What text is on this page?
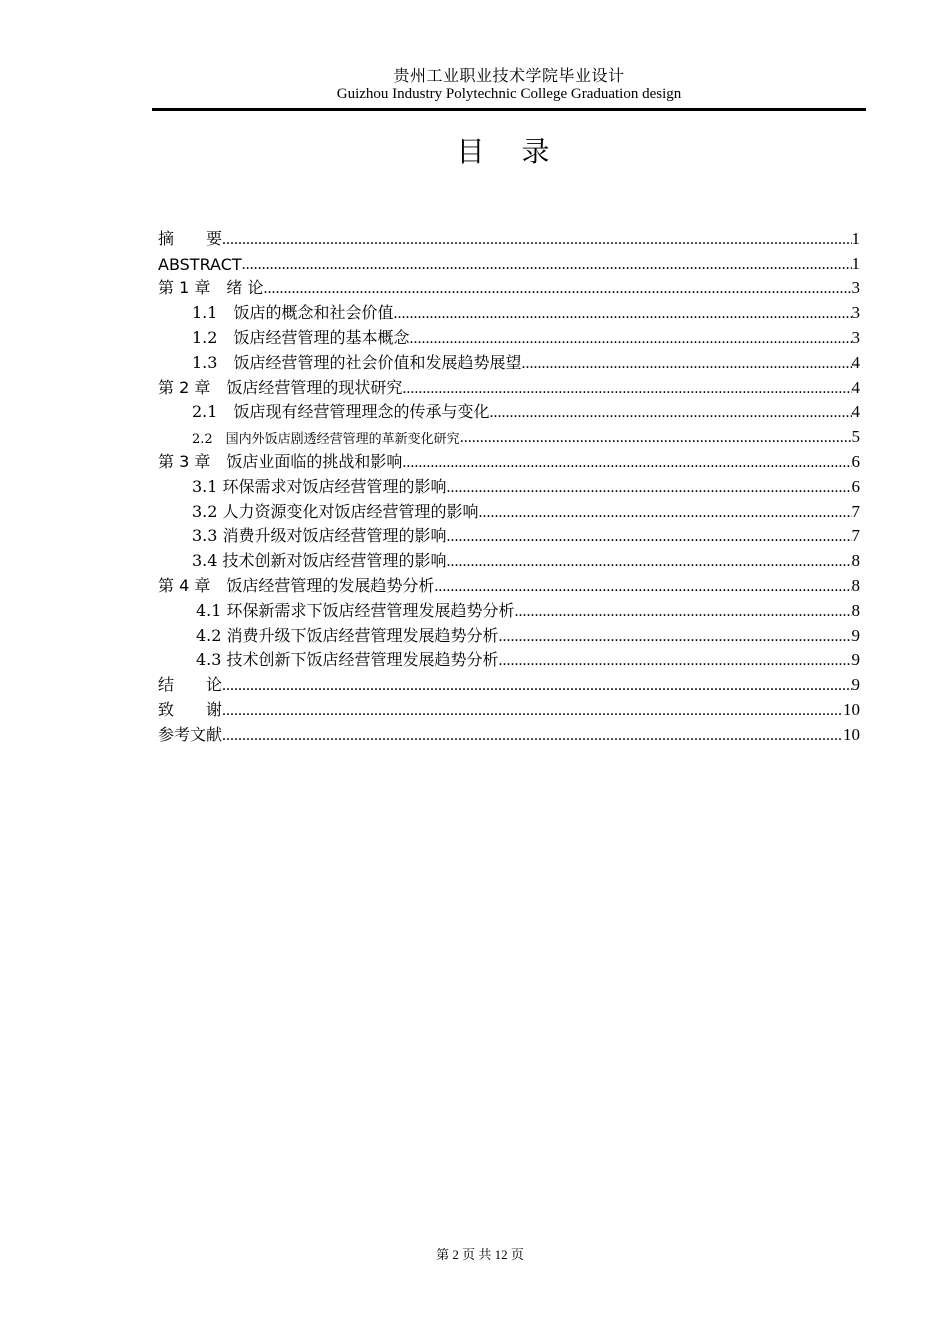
贵州工业职业技术学院毕业设计
Guizhou Industry Polytechnic College Graduation design
目 录
摘　　要 .....	1
ABSTRACT .....	1
第 1 章　绪 论 .....	3
1.1　饭店的概念和社会价值 .....	3
1.2　饭店经营管理的基本概念 .....	3
1.3　饭店经营管理的社会价值和发展趋势展望 .....	4
第 2 章　饭店经营管理的现状研究 .....	4
2.1　饭店现有经营管理理念的传承与变化 .....	4
2.2　国内外饭店剧透经营管理的革新变化研究 .....	5
第 3 章　饭店业面临的挑战和影响 .....	6
3.1 环保需求对饭店经营管理的影响 .....	6
3.2 人力资源变化对饭店经营管理的影响 .....	7
3.3 消费升级对饭店经营管理的影响 .....	7
3.4 技术创新对饭店经营管理的影响 .....	8
第 4 章　饭店经营管理的发展趋势分析 .....	8
4.1 环保新需求下饭店经营管理发展趋势分析 .....	8
4.2 消费升级下饭店经营管理发展趋势分析 .....	9
4.3 技术创新下饭店经营管理发展趋势分析 .....	9
结　　论 .....	9
致　　谢 .....	10
参考文献 .....	10
第 2 页 共 12 页
